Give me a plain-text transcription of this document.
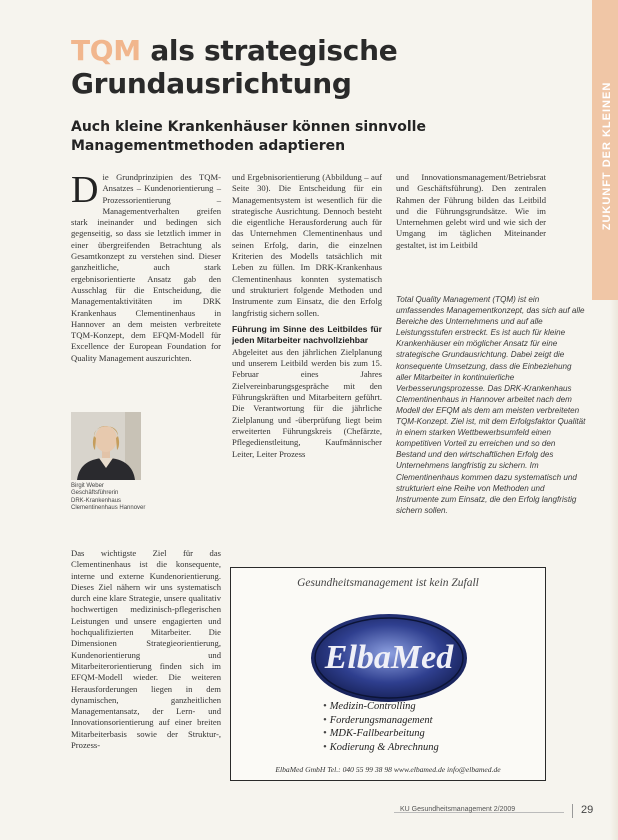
ZUKUNFT DER KLEINEN
TQM als strategische Grundausrichtung
Auch kleine Krankenhäuser können sinnvolle Managementmethoden adaptieren
D ie Grundprinzipien des TQM-Ansatzes – Kundenorientierung – Prozessorientierung – Managementverhalten greifen stark ineinander und bedingen sich gegenseitig, so dass sie letztlich immer in einer übergreifenden Betrachtung als Gesamtkonzept zu verstehen sind. Dieser ganzheitliche, auch stark ergebnisorientierte Ansatz gab den Ausschlag für die Entscheidung, die Managementaktivitäten im DRK Krankenhaus Clementinenhaus in Hannover an dem meisten verbreitete TQM-Konzept, dem EFQM-Modell für Excellence der European Foundation for Quality Management auszurichten.

Birgit Weber
Geschäftsführerin
DRK-Krankenhaus
Clementinenhaus Hannover

Das wichtigste Ziel für das Clementinenhaus ist die konsequente, interne und externe Kundenorientierung. Dieses Ziel nähern wir uns systematisch durch eine klare Strategie, unsere qualitativ hochwertigen medizinisch-pflegerischen Leistungen und unsere engagierten und hochqualifizierten Mitarbeiter. Die Dimensionen Strategieorientierung, Kundenorientierung und Mitarbeiterorientierung finden sich im EFQM-Modell wieder. Die weiteren Herausforderungen liegen in dem dynamischen, ganzheitlichen Managementansatz, der Lern- und Innovationsorientierung auf einer breiten Mitarbeiterbasis sowie der Struktur-, Prozess-

und Ergebnisorientierung (Abbildung – auf Seite 30). Die Entscheidung für ein Managementsystem ist wesentlich für die strategische Ausrichtung. Dennoch besteht die eigentliche Herausforderung auch für das Unternehmen Clementinenhaus und seinen Erfolg, darin, die einzelnen Kriterien des Modells tatsächlich mit Leben zu füllen. Im DRK-Krankenhaus Clementinenhaus konnten systematisch und strukturiert folgende Methoden und Instrumente zum Einsatz, die den Erfolg langfristig sichern sollen.

Führung im Sinne des Leitbildes für jeden Mitarbeiter nachvollziehbar

Abgeleitet aus den jährlichen Zielplanung und unserem Leitbild werden bis zum 15. Februar eines Jahres Zielvereinbarungsgespräche mit den Führungskräften und Mitarbeitern geführt. Die Verantwortung für die jährliche Zielplanung und -überprüfung liegt beim erweiterten Führungskreis (Chefärzte, Pflegedienstleitung, Kaufmännischer Leiter, Leiter Prozess

und Innovationsmanagement/Betriebsrat und Geschäftsführung). Den zentralen Rahmen der Führung bilden das Leitbild und die Führungsgrundsätze. Wie im Unternehmen gelebt wird und wie sich der Umgang im täglichen Miteinander gestaltet, ist im Leitbild

Total Quality Management (TQM) ist ein umfassendes Managementkonzept, das sich auf alle Bereiche des Unternehmens und auf alle Leistungsstufen erstreckt. Es ist auch für kleine Krankenhäuser ein möglicher Ansatz für eine strategische Grundausrichtung. Dabei zeigt die konsequente Umsetzung, dass die Einbeziehung aller Mitarbeiter in kontinuierliche Verbesserungsprozesse. Das DRK-Krankenhaus Clementinenhaus in Hannover arbeitet nach dem Modell der EFQM als dem am meisten verbreiteten TQM-Konzept. Ziel ist, mit dem Erfolgsfaktor Qualität in einem starken Wettbewerbsumfeld einen kompetitiven Vorteil zu erreichen und so den Bestand und den wirtschaftlichen Erfolg des Unternehmens langfristig zu sichern. Im Clementinenhaus kommen dazu systematisch und strukturiert eine Reihe von Methoden und Instrumente zum Einsatz, die den Erfolg langfristig sichern sollen.

Gesundheitsmanagement ist kein Zufall
ElbaMed
• Medizin-Controlling
• Forderungsmanagement
• MDK-Fallbearbeitung
• Kodierung & Abrechnung
ElbaMed GmbH Tel.: 040 55 99 38 98 www.elbamed.de info@elbamed.de
KU Gesundheitsmanagement 2/2009	29
